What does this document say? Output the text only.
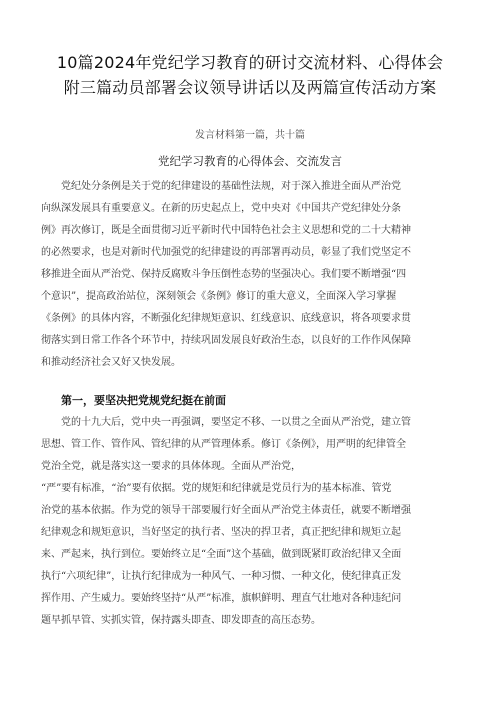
10篇2024年党纪学习教育的研讨交流材料、心得体会
附三篇动员部署会议领导讲话以及两篇宣传活动方案
发言材料第一篇，共十篇
党纪学习教育的心得体会、交流发言
党纪处分条例是关于党的纪律建设的基础性法规，对于深入推进全面从严治党
向纵深发展具有重要意义。在新的历史起点上，党中央对《中国共产党纪律处分条
例》再次修订，既是全面贯彻习近平新时代中国特色社会主义思想和党的二十大精神
的必然要求，也是对新时代加强党的纪律建设的再部署再动员，彰显了我们党坚定不
移推进全面从严治党、保持反腐败斗争压倒性态势的坚强决心。我们要不断增强“四
个意识”，提高政治站位，深刻领会《条例》修订的重大意义，全面深入学习掌握
《条例》的具体内容，不断强化纪律规矩意识、红线意识、底线意识，将各项要求贯
彻落实到日常工作各个环节中，持续巩固发展良好政治生态，以良好的工作作风保障
和推动经济社会又好又快发展。
第一，要坚决把党规党纪挺在前面
党的十九大后，党中央一再强调，要坚定不移、一以贯之全面从严治党，建立管
思想、管工作、管作风、管纪律的从严管理体系。修订《条例》，用严明的纪律管全
党治全党，就是落实这一要求的具体体现。全面从严治党，
“严”要有标准，“治”要有依据。党的规矩和纪律就是党员行为的基本标准、管党
治党的基本依据。作为党的领导干部要履行好全面从严治党主体责任，就要不断增强
纪律观念和规矩意识，当好坚定的执行者、坚决的捍卫者，真正把纪律和规矩立起
来、严起来，执行到位。要始终立足“全面”这个基础，做到既紧盯政治纪律又全面
执行“六项纪律”，让执行纪律成为一种风气、一种习惯、一种文化，使纪律真正发
挥作用、产生威力。要始终坚持“从严”标准，旗帜鲜明、理直气壮地对各种违纪问
题早抓早管、实抓实管，保持露头即查、即发即查的高压态势。
